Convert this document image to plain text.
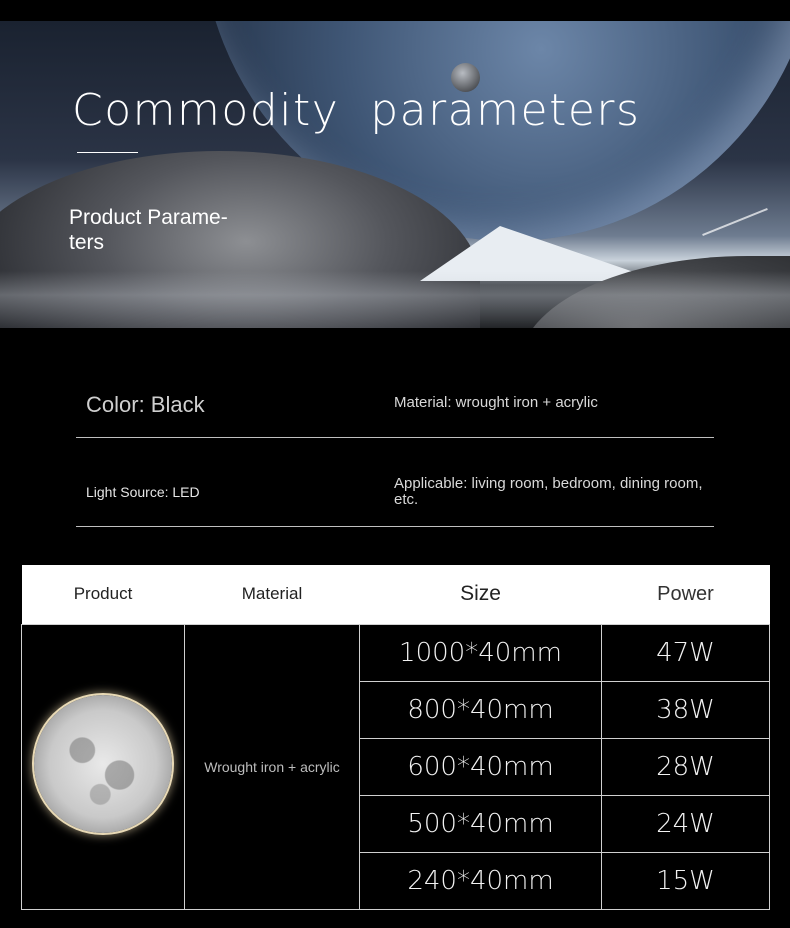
Commodity  parameters
Product Parame-
ters
Color: Black	Material: wrought iron + acrylic
Light Source: LED	Applicable: living room, bedroom, dining room, etc.
Product	Material	Size	Power
	Wrought iron + acrylic	1000*40mm	47W
		800*40mm	38W
		600*40mm	28W
		500*40mm	24W
		240*40mm	15W
